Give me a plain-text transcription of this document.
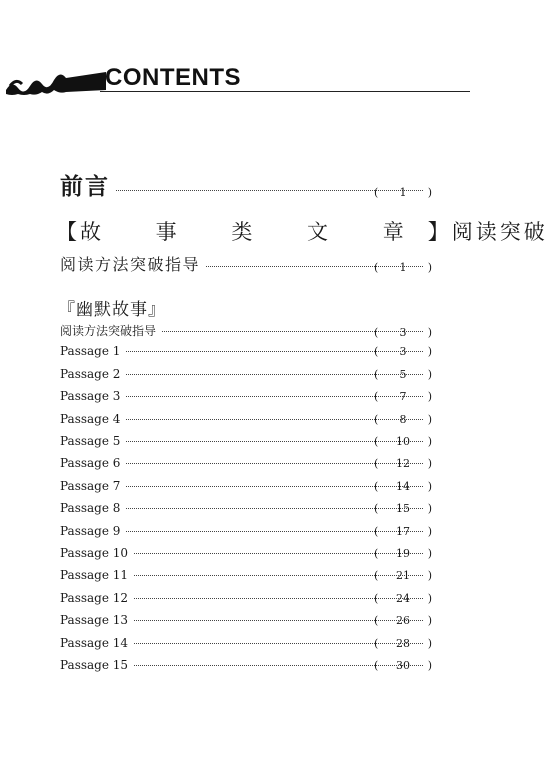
CONTENTS
前言	(	1	)
【故 事 类 文 章】阅读突破
阅读方法突破指导	(	1	)
『幽默故事』
阅读方法突破指导	(	3	)
Passage 1	(	3	)
Passage 2	(	5	)
Passage 3	(	7	)
Passage 4	(	8	)
Passage 5	(	10	)
Passage 6	(	12	)
Passage 7	(	14	)
Passage 8	(	15	)
Passage 9	(	17	)
Passage 10	(	19	)
Passage 11	(	21	)
Passage 12	(	24	)
Passage 13	(	26	)
Passage 14	(	28	)
Passage 15	(	30	)
